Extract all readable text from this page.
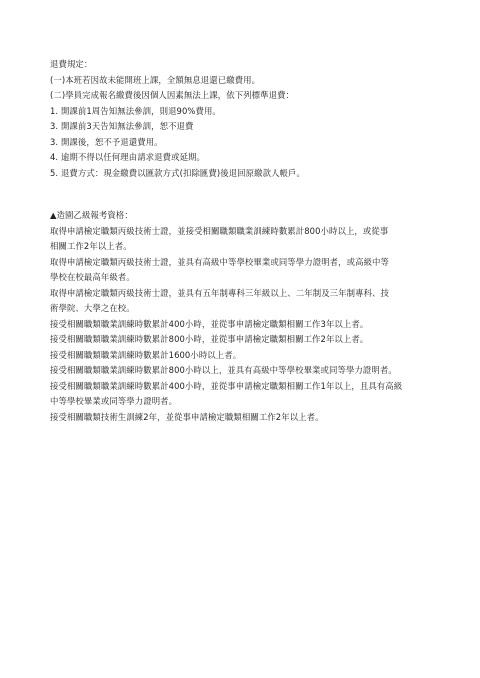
退費規定：
(一)本班若因故未能開班上課，全額無息退還已繳費用。
(二)學員完成報名繳費後因個人因素無法上課，依下列標準退費：
1. 開課前1周告知無法參訓，則退90%費用。
3. 開課前3天告知無法參訓，恕不退費
3. 開課後，恕不予退還費用。
4. 逾期不得以任何理由請求退費或延期。
5. 退費方式：現金繳費以匯款方式(扣除匯費)後退回原繳款人帳戶。
▲造園乙級報考資格：
取得申請檢定職類丙級技術士證，並接受相關職類職業訓練時數累計800小時以上，或從事
相關工作2年以上者。
取得申請檢定職類丙級技術士證，並具有高級中等學校畢業或同等學力證明者，或高級中等
學校在校最高年級者。
取得申請檢定職類丙級技術士證，並具有五年制專科三年級以上、二年制及三年制專科、技
術學院、大學之在校。
接受相關職類職業訓練時數累計400小時，並從事申請檢定職類相關工作3年以上者。
接受相關職類職業訓練時數累計800小時，並從事申請檢定職類相關工作2年以上者。
接受相關職類職業訓練時數累計1600小時以上者。
接受相關職類職業訓練時數累計800小時以上，並具有高級中等學校畢業或同等學力證明者。
接受相關職類職業訓練時數累計400小時，並從事申請檢定職類相關工作1年以上，且具有高級
中等學校畢業或同等學力證明者。
接受相關職類技術生訓練2年，並從事申請檢定職類相關工作2年以上者。
